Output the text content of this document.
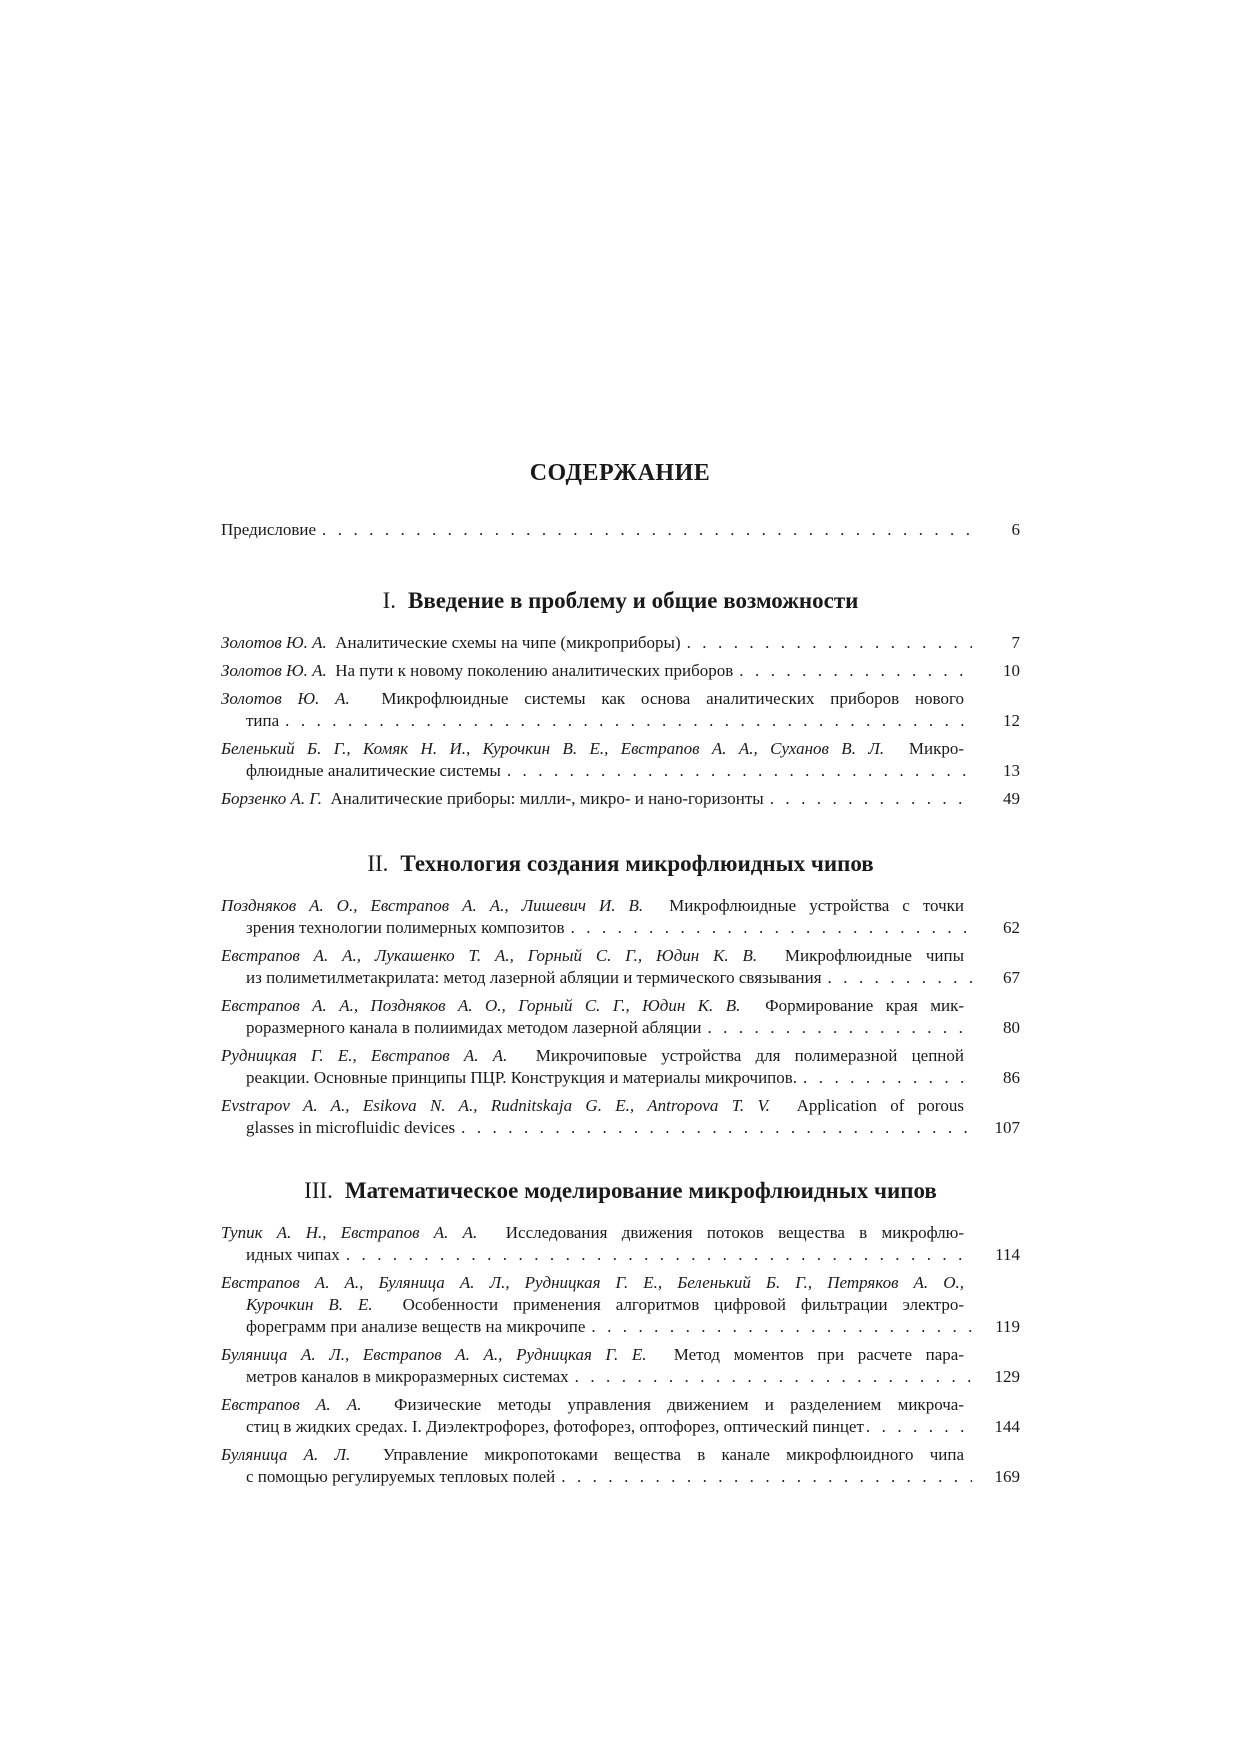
СОДЕРЖАНИЕ
Предисловие . . .	6
I. Введение в проблему и общие возможности
Золотов Ю. А. Аналитические схемы на чипе (микроприборы) . . .	7
Золотов Ю. А. На пути к новому поколению аналитических приборов . . .	10
Золотов Ю. А. Микрофлюидные системы как основа аналитических приборов нового
типа . . .	12
Беленький Б. Г., Комяк Н. И., Курочкин В. Е., Евстрапов А. А., Суханов В. Л. Микро-
флюидные аналитические системы . . .	13
Борзенко А. Г. Аналитические приборы: милли-, микро- и нано-горизонты . . .	49
II. Технология создания микрофлюидных чипов
Поздняков А. О., Евстрапов А. А., Лишевич И. В. Микрофлюидные устройства с точки
зрения технологии полимерных композитов . . .	62
Евстрапов А. А., Лукашенко Т. А., Горный С. Г., Юдин К. В. Микрофлюидные чипы
из полиметилметакрилата: метод лазерной абляции и термического связывания . . .	67
Евстрапов А. А., Поздняков А. О., Горный С. Г., Юдин К. В. Формирование края мик-
роразмерного канала в полиимидах методом лазерной абляции . . .	80
Рудницкая Г. Е., Евстрапов А. А. Микрочиповые устройства для полимеразной цепной
реакции. Основные принципы ПЦР. Конструкция и материалы микрочипов. . . .	86
Evstrapov A. A., Esikova N. A., Rudnitskaja G. E., Antropova T. V. Application of porous
glasses in microfluidic devices . . .	107
III. Математическое моделирование микрофлюидных чипов
Тупик А. Н., Евстрапов А. А. Исследования движения потоков вещества в микрофлю-
идных чипах . . .	114
Евстрапов А. А., Буляница А. Л., Рудницкая Г. Е., Беленький Б. Г., Петряков А. О.,
Курочкин В. Е. Особенности применения алгоритмов цифровой фильтрации электро-
фореграмм при анализе веществ на микрочипе . . .	119
Буляница А. Л., Евстрапов А. А., Рудницкая Г. Е. Метод моментов при расчете пара-
метров каналов в микроразмерных системах . . .	129
Евстрапов А. А. Физические методы управления движением и разделением микроча-
стиц в жидких средах. I. Диэлектрофорез, фотофорез, оптофорез, оптический пинцет . . .	144
Буляница А. Л. Управление микропотоками вещества в канале микрофлюидного чипа
с помощью регулируемых тепловых полей . . .	169
